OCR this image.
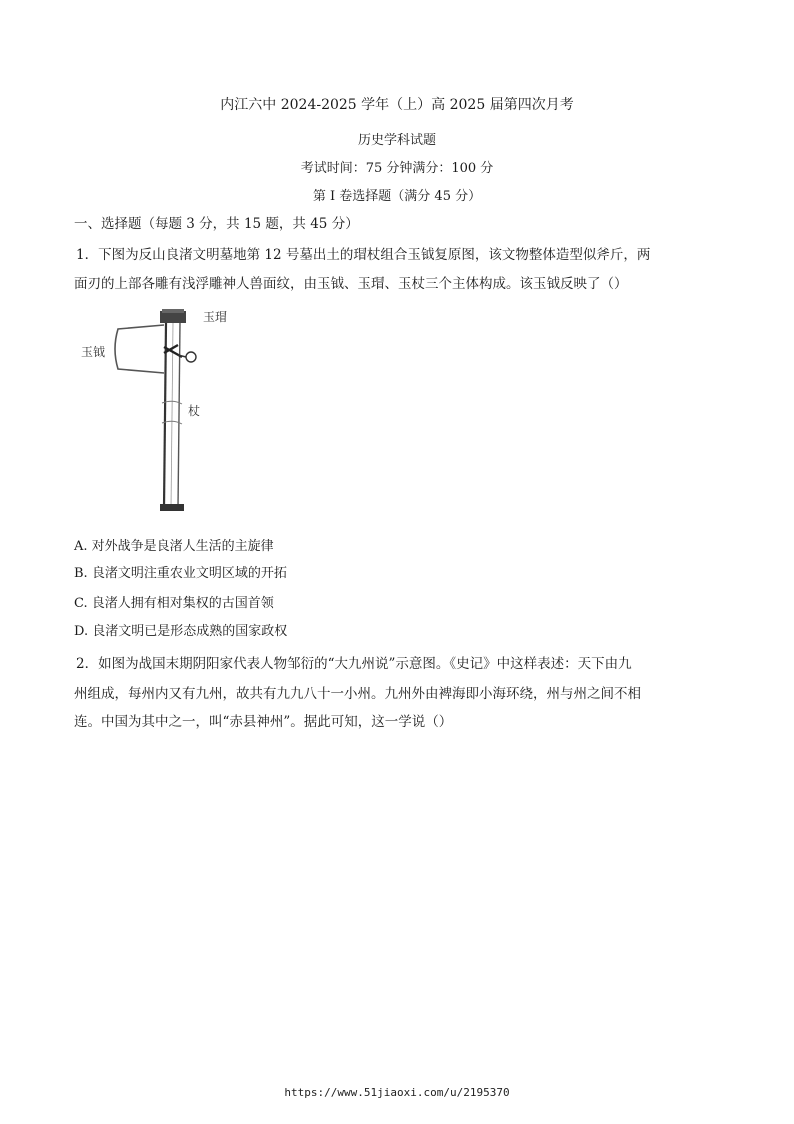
内江六中 2024-2025 学年（上）高 2025 届第四次月考
历史学科试题
考试时间：75 分钟满分：100 分
第 I 卷选择题（满分 45 分）
一、选择题（每题 3 分，共 15 题，共 45 分）
1．下图为反山良渚文明墓地第 12 号墓出土的瑁杖组合玉钺复原图，该文物整体造型似斧斤，两
面刃的上部各雕有浅浮雕神人兽面纹，由玉钺、玉瑁、玉杖三个主体构成。该玉钺反映了（）
玉瑁
玉钺
杖
A. 对外战争是良渚人生活的主旋律
B. 良渚文明注重农业文明区域的开拓
C. 良渚人拥有相对集权的古国首领
D. 良渚文明已是形态成熟的国家政权
2．如图为战国末期阴阳家代表人物邹衍的“大九州说”示意图。《史记》中这样表述：天下由九
州组成，每州内又有九州，故共有九九八十一小州。九州外由裨海即小海环绕，州与州之间不相
连。中国为其中之一，叫“赤县神州”。据此可知，这一学说（）
https://www.51jiaoxi.com/u/2195370
